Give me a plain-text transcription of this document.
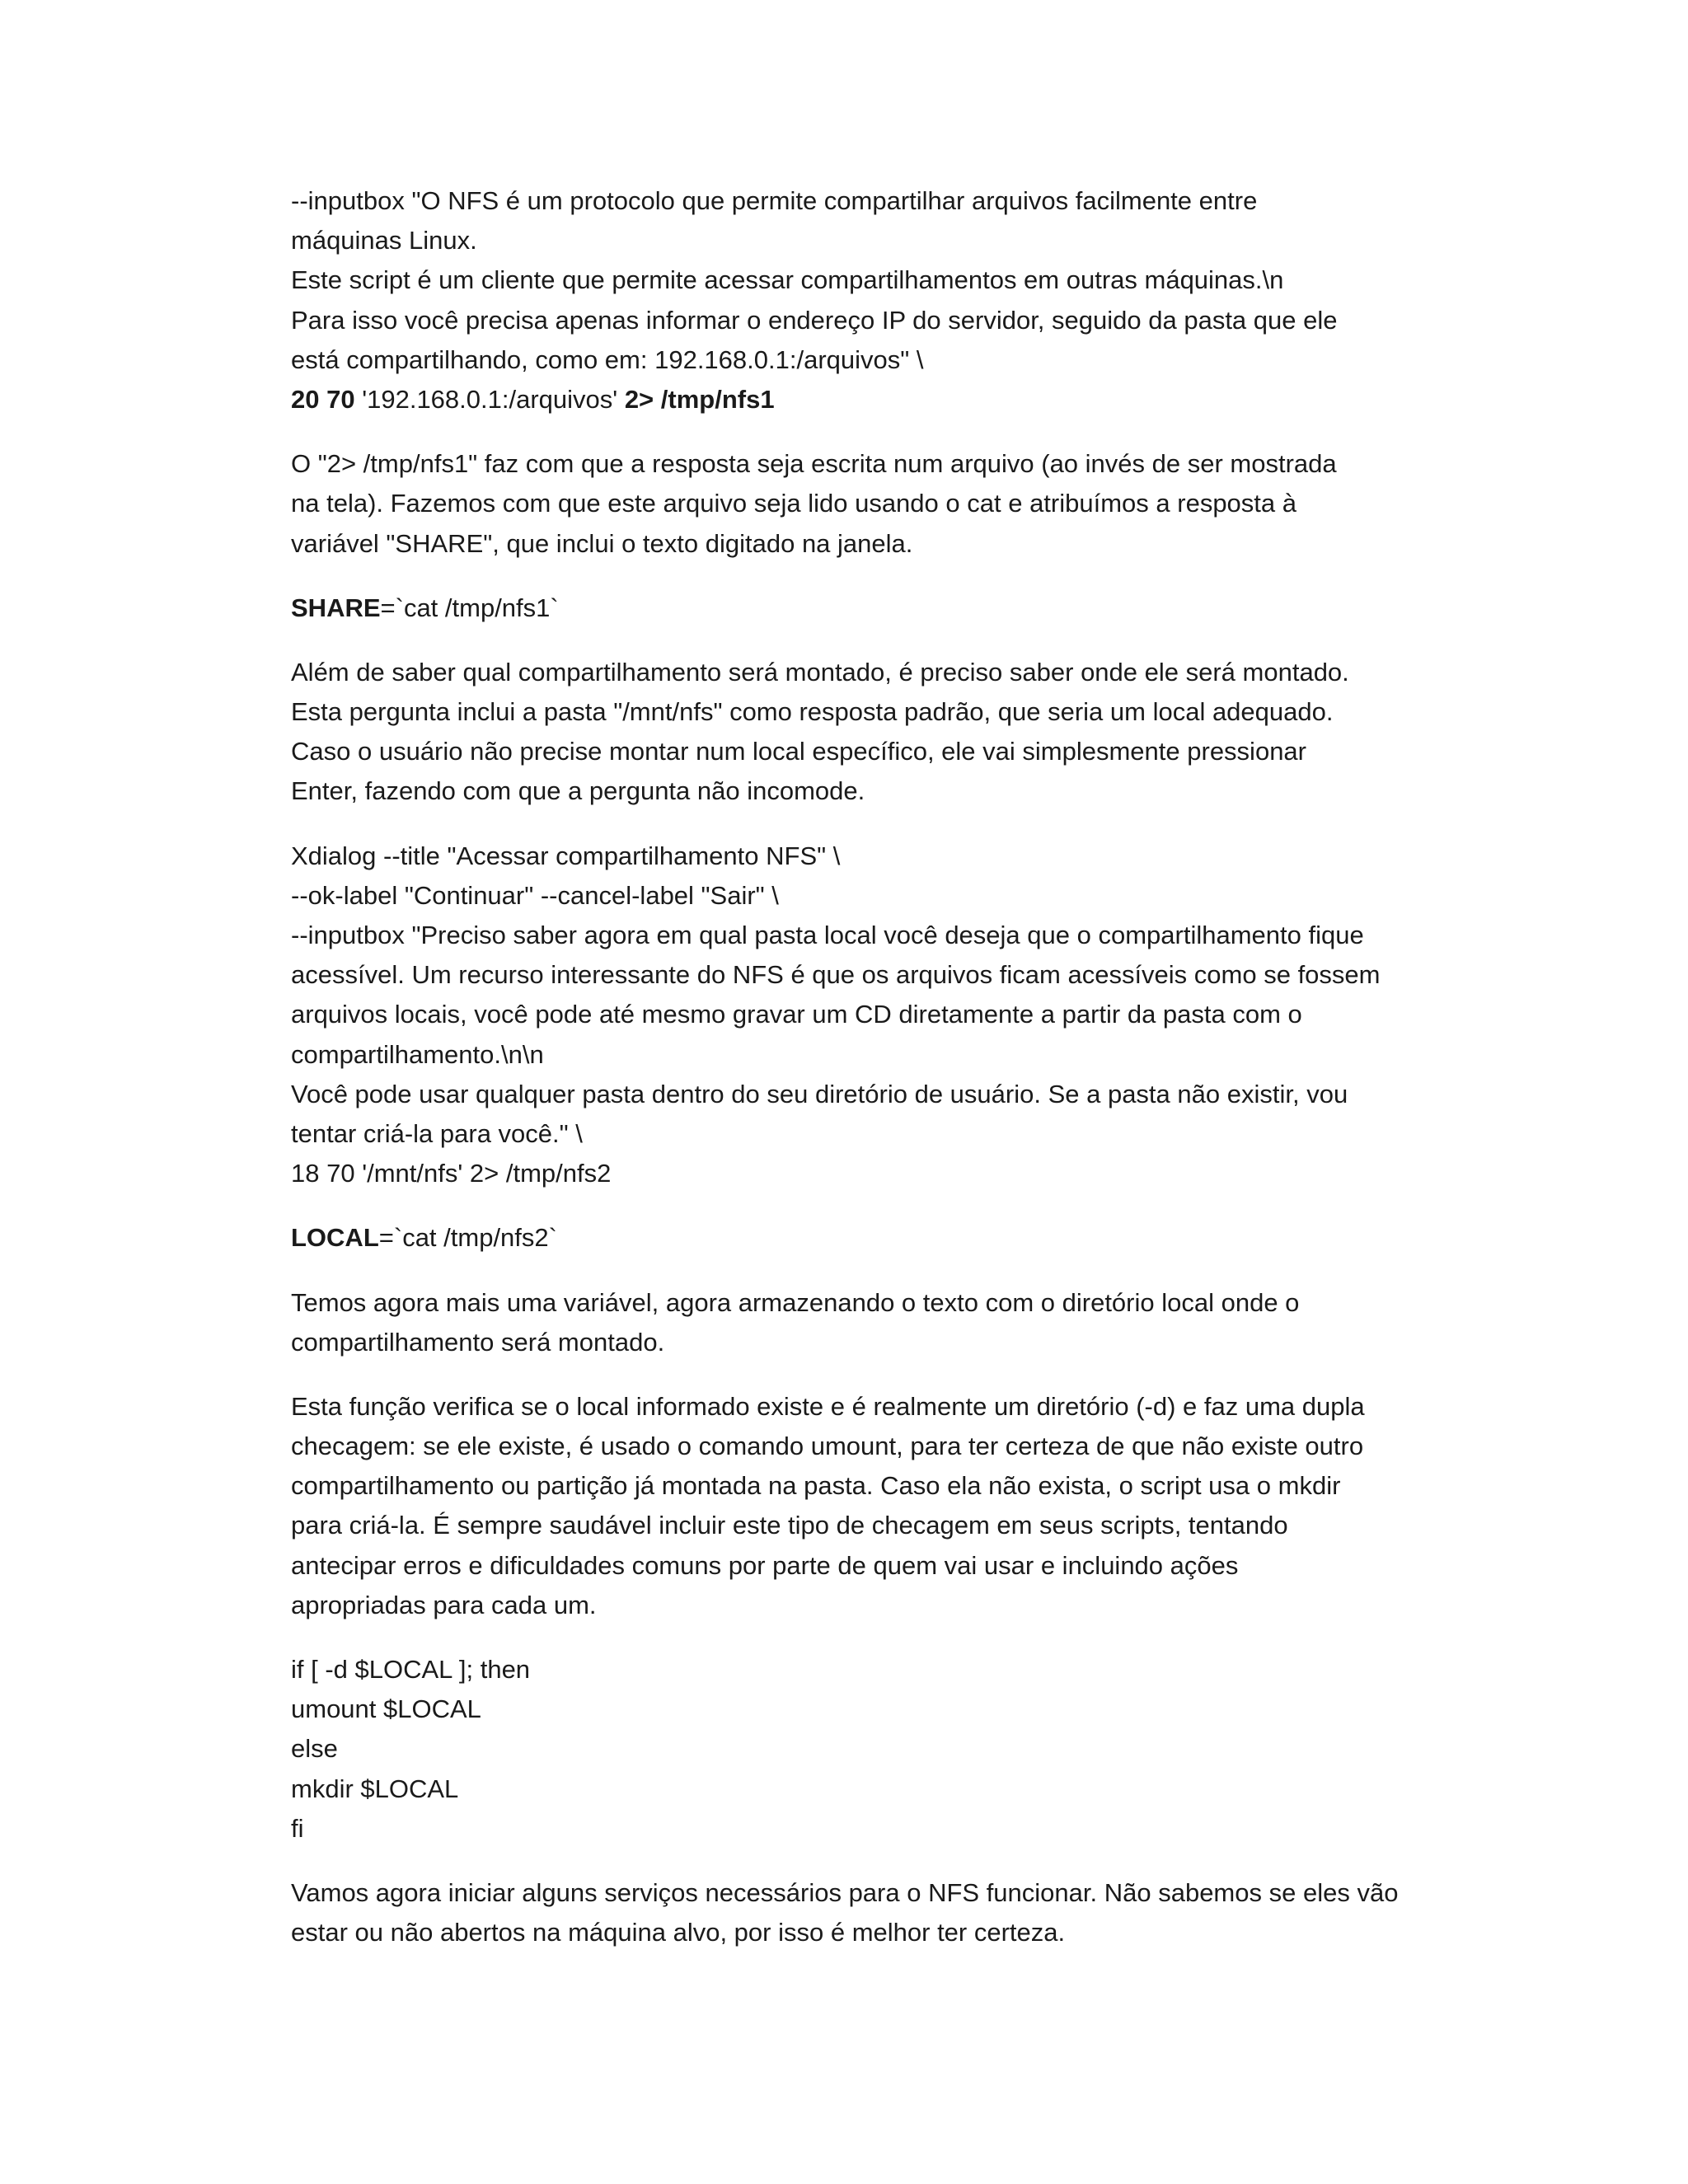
--inputbox "O NFS é um protocolo que permite compartilhar arquivos facilmente entre
máquinas Linux.
Este script é um cliente que permite acessar compartilhamentos em outras máquinas.\n
Para isso você precisa apenas informar o endereço IP do servidor, seguido da pasta que ele
está compartilhando, como em: 192.168.0.1:/arquivos" \
20 70 '192.168.0.1:/arquivos' 2> /tmp/nfs1
O "2> /tmp/nfs1" faz com que a resposta seja escrita num arquivo (ao invés de ser mostrada
na tela). Fazemos com que este arquivo seja lido usando o cat e atribuímos a resposta à
variável "SHARE", que inclui o texto digitado na janela.
SHARE=`cat /tmp/nfs1`
Além de saber qual compartilhamento será montado, é preciso saber onde ele será montado.
Esta pergunta inclui a pasta "/mnt/nfs" como resposta padrão, que seria um local adequado.
Caso o usuário não precise montar num local específico, ele vai simplesmente pressionar
Enter, fazendo com que a pergunta não incomode.
Xdialog --title "Acessar compartilhamento NFS" \
--ok-label "Continuar" --cancel-label "Sair" \
--inputbox "Preciso saber agora em qual pasta local você deseja que o compartilhamento fique
acessível. Um recurso interessante do NFS é que os arquivos ficam acessíveis como se fossem
arquivos locais, você pode até mesmo gravar um CD diretamente a partir da pasta com o
compartilhamento.\n\n
Você pode usar qualquer pasta dentro do seu diretório de usuário. Se a pasta não existir, vou
tentar criá-la para você." \
18 70 '/mnt/nfs' 2> /tmp/nfs2
LOCAL=`cat /tmp/nfs2`
Temos agora mais uma variável, agora armazenando o texto com o diretório local onde o
compartilhamento será montado.
Esta função verifica se o local informado existe e é realmente um diretório (-d) e faz uma dupla
checagem: se ele existe, é usado o comando umount, para ter certeza de que não existe outro
compartilhamento ou partição já montada na pasta. Caso ela não exista, o script usa o mkdir
para criá-la. É sempre saudável incluir este tipo de checagem em seus scripts, tentando
antecipar erros e dificuldades comuns por parte de quem vai usar e incluindo ações
apropriadas para cada um.
if [ -d $LOCAL ]; then
umount $LOCAL
else
mkdir $LOCAL
fi
Vamos agora iniciar alguns serviços necessários para o NFS funcionar. Não sabemos se eles vão
estar ou não abertos na máquina alvo, por isso é melhor ter certeza.
